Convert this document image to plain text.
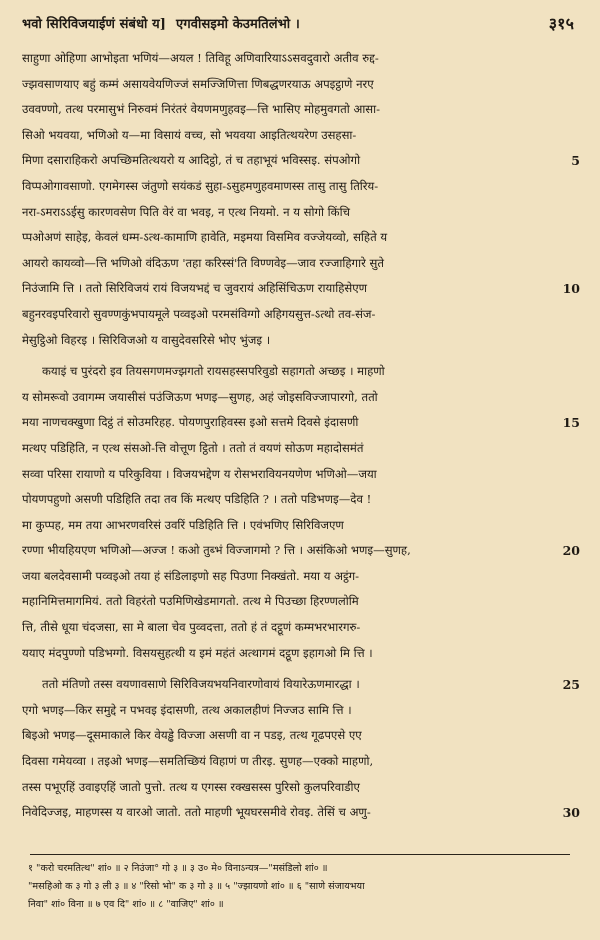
भवो सिरिविजयाईणं संबंधो य] एगवीसइमो केउमतिलंभो ।	३१५
साहुणा ओहिणा आभोइता भणियं—अयल ! तिविहू अणिवारियाऽऽसवदुवारो अतीव रुद्द-
ज्झवसाणयाए बहुं कम्मं असायवेयणिज्जं समज्जिणित्ता णिबद्धणरयाऊ अपइट्ठाणे नरए
उववण्णो, तत्थ परमासुभं निरुवमं निरंतरं वेयणमणुहवइ—त्ति भासिए मोहमुवगतो आसा-
सिओ भयवया, भणिओ य—मा विसायं वच्च, सो भयवया आइतित्थयरेण उसहसा-
मिणा दसाराहिकरो अपच्छिमतित्थयरो य आदिट्ठो, तं च तहाभूयं भविस्सइ. संपओगो	5
विप्पओगावसाणो. एगमेगस्स जंतुणो सयंकडं सुहा-ऽसुहमणुहवमाणस्स तासु तासु तिरिय-
नरा-ऽमराऽऽईसु कारणवसेण पिति वेरं वा भवइ, न एत्थ नियमो. न य सोगो किंचि
प्पओअणं साहेइ, केवलं धम्म-ऽत्थ-कामाणि हावेति, मइमया विसमिव वज्जेयव्वो, सहिते य
आयरो कायव्वो—त्ति भणिओ वंदिऊण 'तहा करिस्सं'ति विण्णवेइ—जाव रज्जाहिगारे सुते
निउंजामि त्ति । ततो सिरिविजयं रायं विजयभद्दं च जुवरायं अहिसिंचिऊण रायाहिसेएण	10
बहुनरवइपरिवारो सुवण्णकुंभपायमूले पव्वइओ परमसंविग्गो अहिगयसुत्त-ऽत्थो तव-संज-
मेसुट्ठिओ विहरइ । सिरिविजओ य वासुदेवसरिसे भोए भुंजइ ।
कयाइं च पुरंदरो इव तियसगणमज्झगतो रायसहस्सपरिवुडो सहागतो अच्छइ । माहणो
य सोमरूवो उवागम्म जयासीसं पउंजिऊण भणइ—सुणह, अहं जोइसविज्जापारगो, ततो
मया नाणचक्खुणा दिट्ठं तं सोउमरिहह. पोयणपुराहिवस्स इओ सत्तमे दिवसे इंदासणी	15
मत्थए पडिहिति, न एत्थ संसओ-त्ति वोत्तूण ट्ठितो । ततो तं वयणं सोऊण महादोसमंतं
सव्वा परिसा रायाणो य परिकुविया । विजयभद्देण य रोसभरावियनयणेण भणिओ—जया
पोयणपहुणो असणी पडिहिति तदा तव किं मत्थए पडिहिति ? । ततो पडिभणइ—देव !
मा कुप्पह, मम तया आभरणवरिसं उवरिं पडिहिति त्ति । एवंभणिए सिरिविजएण
रण्णा भीयहियएण भणिओ—अज्ज ! कओ तुब्भं विज्जागमो ? त्ति । असंकिओ भणइ—सुणह,	20
जया बलदेवसामी पव्वइओ तया हं संडिलाइणो सह पिउणा निक्खंतो. मया य अट्ठंग-
महानिमित्तमागमियं. ततो विहरंतो पउमिणिखेडमागतो. तत्थ मे पिउच्छा हिरण्णलोमि
त्ति, तीसे धूया चंदजसा, सा मे बाला चेव पुव्वदत्ता, ततो हं तं दट्ठूणं कम्मभरभारगरु-
ययाए मंदपुण्णो पडिभग्गो. विसयसुहत्थी य इमं महंतं अत्थागमं दट्ठूण इहागओ मि त्ति ।
ततो मंतिणो तस्स वयणावसाणे सिरिविजयभयनिवारणोवायं वियारेऊणमारद्धा ।	25
एगो भणइ—किर समुद्दे न पभवइ इंदासणी, तत्थ अकालहीणं निज्जउ सामि त्ति ।
बिइओ भणइ—दूसमाकाले किर वेयड्ढे विज्जा असणी वा न पडइ, तत्थ गूढपएसे एए
दिवसा गमेयव्वा । तइओ भणइ—समतिच्छियं विहाणं ण तीरइ. सुणह—एक्को माहणो,
तस्स पभूएहिं उवाइएहिं जातो पुत्तो. तत्थ य एगस्स रक्खसस्स पुरिसो कुलपरिवाडीए
निवेदिज्जइ, माहणस्स य वारओ जातो. ततो माहणी भूयघरसमीवे रोवइ. तेसिं च अणु-	30
१ "करो चरमतित्थ" शां० ॥ २ निउंजा° गो ३ ॥ ३ उ० मे० विनाऽन्यत्र—"मसंडिलो शां० ॥
"मसहिओ क ३ गो ३ ली ३ ॥ ४ "रिसो भो" क ३ गो ३ ॥ ५ "ज्झायणो शां० ॥ ६ "साणे संजायभया
निवा" शां० विना ॥ ७ एव दि" शां० ॥ ८ "वाजिए" शां० ॥
